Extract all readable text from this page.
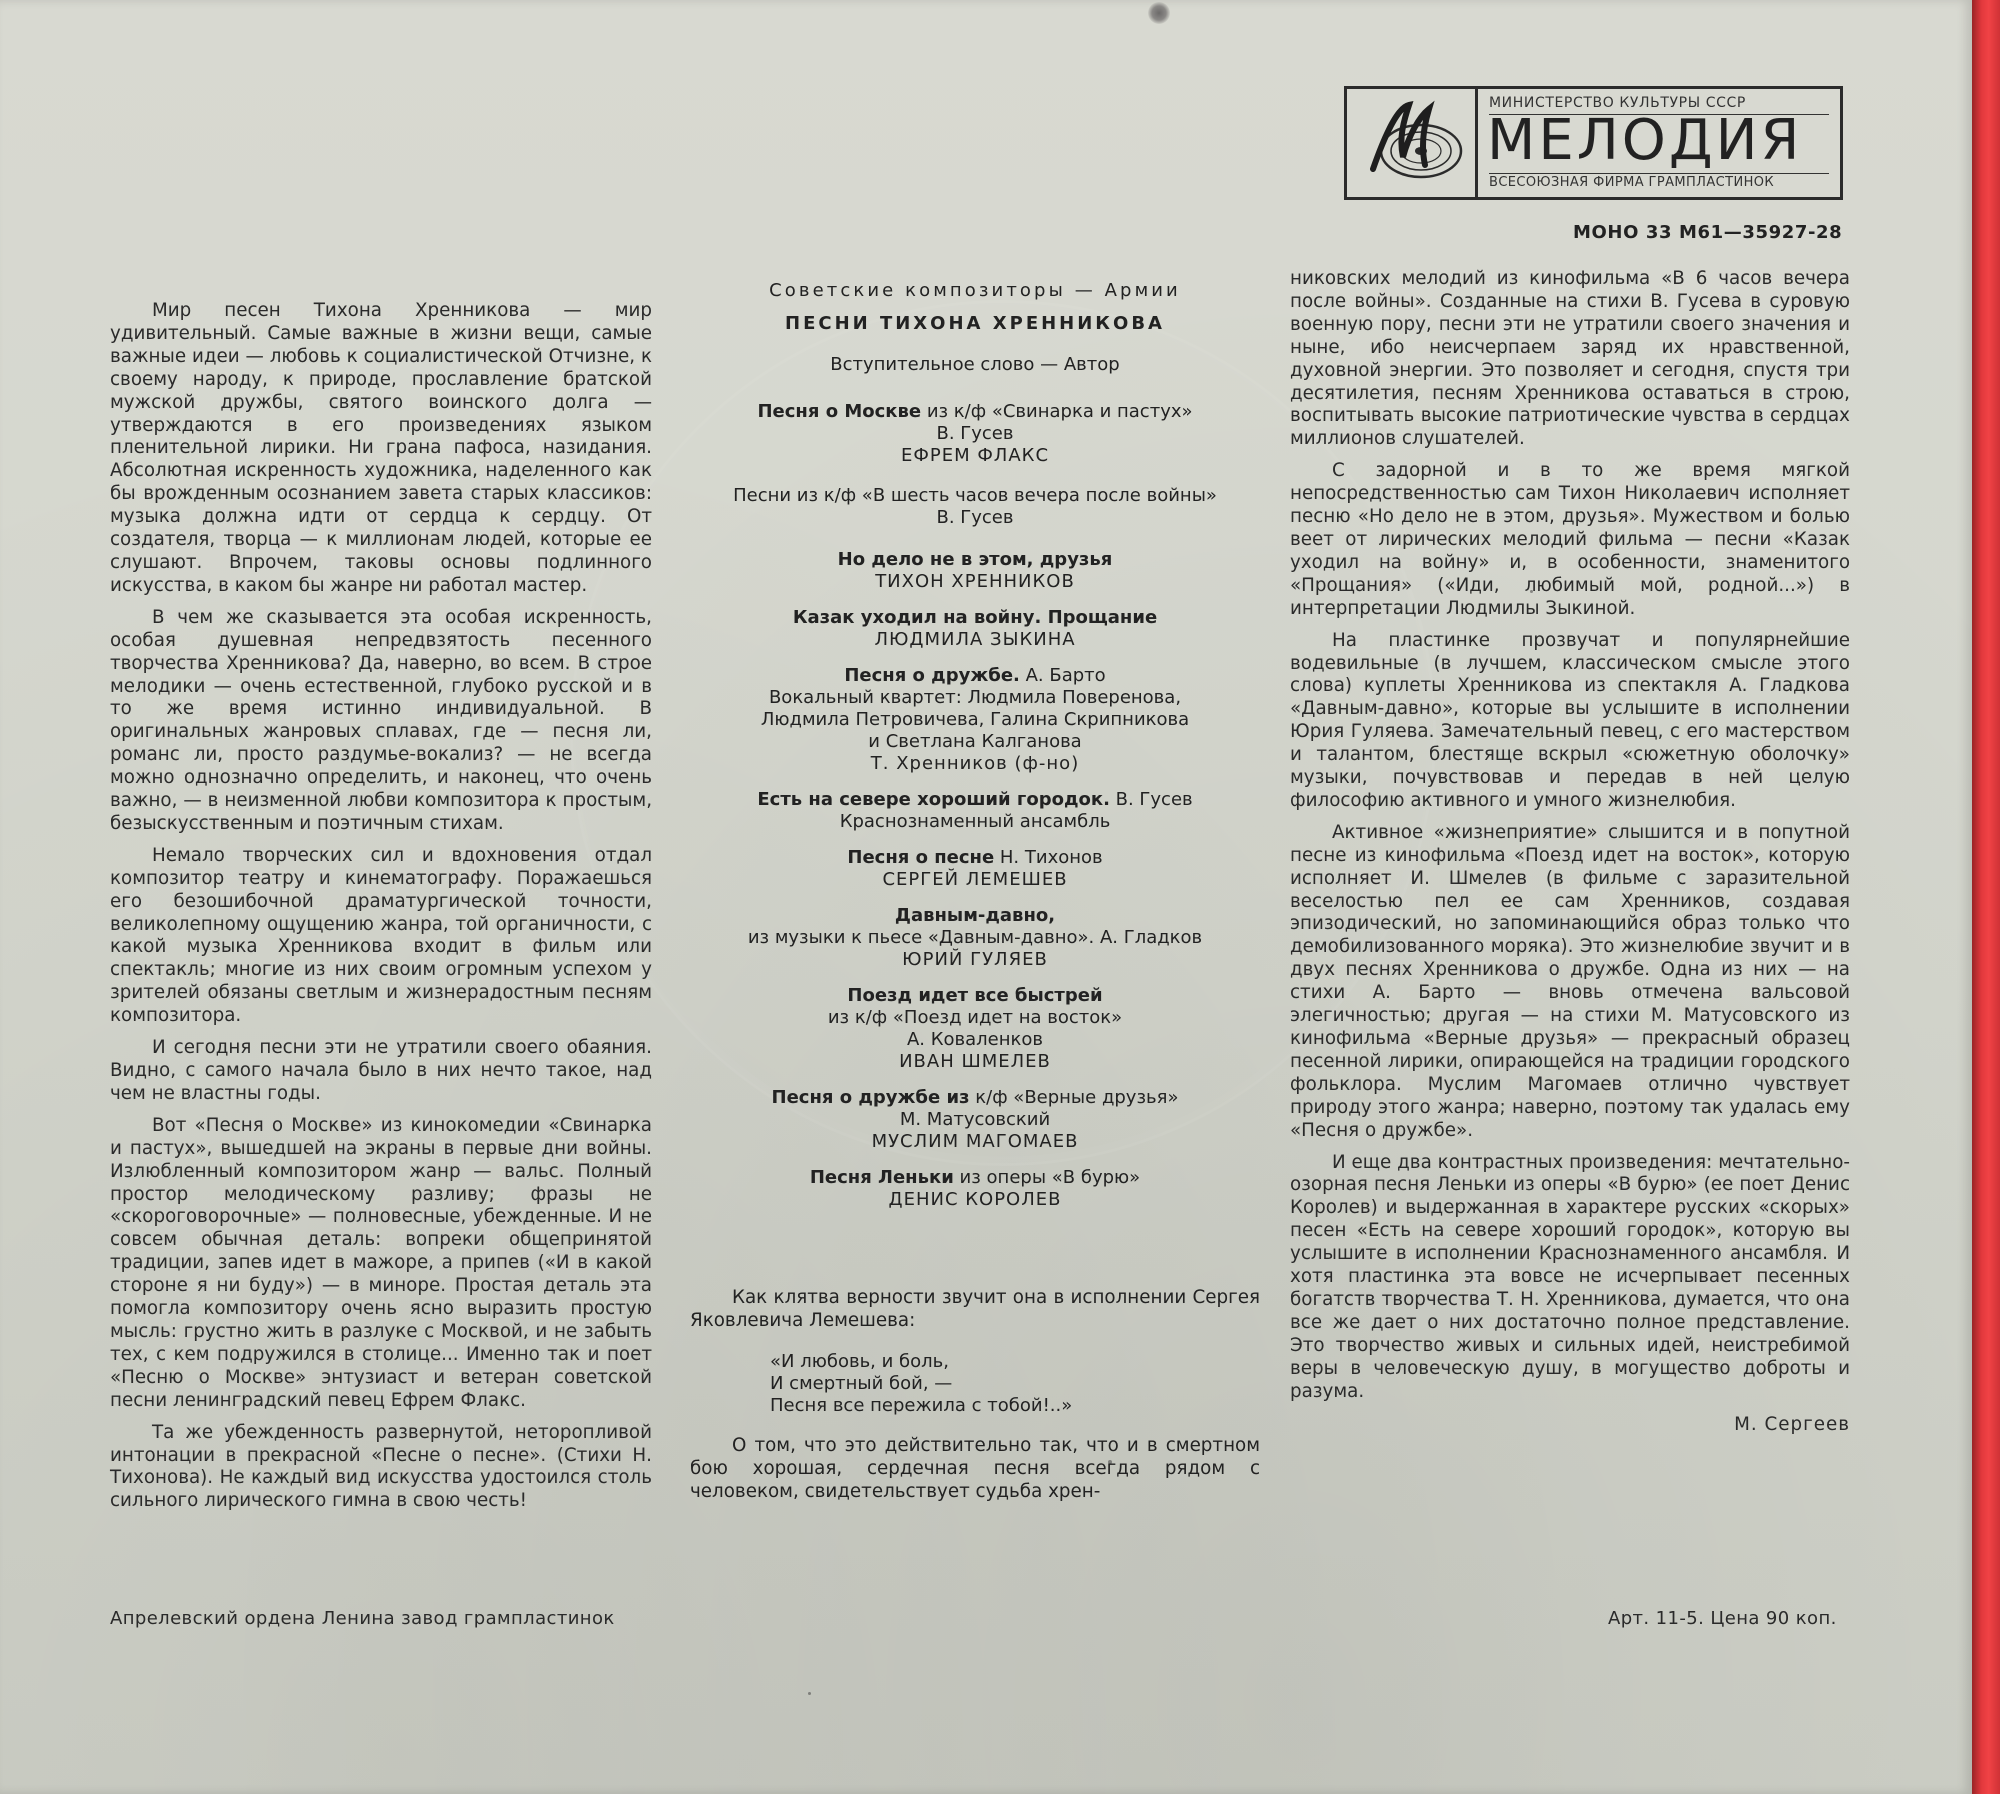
МИНИСТЕРСТВО КУЛЬТУРЫ СССР
МЕЛОДИЯ
ВСЕСОЮЗНАЯ ФИРМА ГРАМПЛАСТИНОК
МОНО 33 М61—35927-28

Мир песен Тихона Хренникова — мир удивительный. Самые важные в жизни вещи, самые важные идеи — любовь к социалистической Отчизне, к своему народу, к природе, прославление братской мужской дружбы, святого воинского долга — утверждаются в его произведениях языком пленительной лирики. Ни грана пафоса, назидания. Абсолютная искренность художника, наделенного как бы врожденным осознанием завета старых классиков: музыка должна идти от сердца к сердцу. От создателя, творца — к миллионам людей, которые ее слушают. Впрочем, таковы основы подлинного искусства, в каком бы жанре ни работал мастер.

В чем же сказывается эта особая искренность, особая душевная непредвзятость песенного творчества Хренникова? Да, наверно, во всем. В строе мелодики — очень естественной, глубоко русской и в то же время истинно индивидуальной. В оригинальных жанровых сплавах, где — песня ли, романс ли, просто раздумье-вокализ? — не всегда можно однозначно определить, и наконец, что очень важно, — в неизменной любви композитора к простым, безыскусственным и поэтичным стихам.

Немало творческих сил и вдохновения отдал композитор театру и кинематографу. Поражаешься его безошибочной драматургической точности, великолепному ощущению жанра, той органичности, с какой музыка Хренникова входит в фильм или спектакль; многие из них своим огромным успехом у зрителей обязаны светлым и жизнерадостным песням композитора.

И сегодня песни эти не утратили своего обаяния. Видно, с самого начала было в них нечто такое, над чем не властны годы.

Вот «Песня о Москве» из кинокомедии «Свинарка и пастух», вышедшей на экраны в первые дни войны. Излюбленный композитором жанр — вальс. Полный простор мелодическому разливу; фразы не «скороговорочные» — полновесные, убежденные. И не совсем обычная деталь: вопреки общепринятой традиции, запев идет в мажоре, а припев («И в какой стороне я ни буду») — в миноре. Простая деталь эта помогла композитору очень ясно выразить простую мысль: грустно жить в разлуке с Москвой, и не забыть тех, с кем подружился в столице... Именно так и поет «Песню о Москве» энтузиаст и ветеран советской песни ленинградский певец Ефрем Флакс.

Та же убежденность развернутой, неторопливой интонации в прекрасной «Песне о песне». (Стихи Н. Тихонова). Не каждый вид искусства удостоился столь сильного лирического гимна в свою честь!

Советские композиторы — Армии

ПЕСНИ ТИХОНА ХРЕННИКОВА

Вступительное слово — Автор

Песня о Москве из к/ф «Свинарка и пастух»
В. Гусев
ЕФРЕМ ФЛАКС
Песни из к/ф «В шесть часов вечера после войны»
В. Гусев
Но дело не в этом, друзья
ТИХОН ХРЕННИКОВ
Казак уходил на войну. Прощание
ЛЮДМИЛА ЗЫКИНА
Песня о дружбе. А. Барто
Вокальный квартет: Людмила Поверенова,
Людмила Петровичева, Галина Скрипникова
и Светлана Калганова
Т. Хренников (ф-но)
Есть на севере хороший городок. В. Гусев
Краснознаменный ансамбль
Песня о песне Н. Тихонов
СЕРГЕЙ ЛЕМЕШЕВ
Давным-давно,
из музыки к пьесе «Давным-давно». А. Гладков
ЮРИЙ ГУЛЯЕВ
Поезд идет все быстрей
из к/ф «Поезд идет на восток»
А. Коваленков
ИВАН ШМЕЛЕВ
Песня о дружбе из к/ф «Верные друзья»
М. Матусовский
МУСЛИМ МАГОМАЕВ
Песня Леньки из оперы «В бурю»
ДЕНИС КОРОЛЕВ

Как клятва верности звучит она в исполнении Сергея Яковлевича Лемешева:

«И любовь, и боль,
И смертный бой, —
Песня все пережила с тобой!..»

О том, что это действительно так, что и в смертном бою хорошая, сердечная песня всегда рядом с человеком, свидетельствует судьба хрен-

никовских мелодий из кинофильма «В 6 часов вечера после войны». Созданные на стихи В. Гусева в суровую военную пору, песни эти не утратили своего значения и ныне, ибо неисчерпаем заряд их нравственной, духовной энергии. Это позволяет и сегодня, спустя три десятилетия, песням Хренникова оставаться в строю, воспитывать высокие патриотические чувства в сердцах миллионов слушателей.

С задорной и в то же время мягкой непосредственностью сам Тихон Николаевич исполняет песню «Но дело не в этом, друзья». Мужеством и болью веет от лирических мелодий фильма — песни «Казак уходил на войну» и, в особенности, знаменитого «Прощания» («Иди, любимый мой, родной...») в интерпретации Людмилы Зыкиной.

На пластинке прозвучат и популярнейшие водевильные (в лучшем, классическом смысле этого слова) куплеты Хренникова из спектакля А. Гладкова «Давным-давно», которые вы услышите в исполнении Юрия Гуляева. Замечательный певец, с его мастерством и талантом, блестяще вскрыл «сюжетную оболочку» музыки, почувствовав и передав в ней целую философию активного и умного жизнелюбия.

Активное «жизнеприятие» слышится и в попутной песне из кинофильма «Поезд идет на восток», которую исполняет И. Шмелев (в фильме с заразительной веселостью пел ее сам Хренников, создавая эпизодический, но запоминающийся образ только что демобилизованного моряка). Это жизнелюбие звучит и в двух песнях Хренникова о дружбе. Одна из них — на стихи А. Барто — вновь отмечена вальсовой элегичностью; другая — на стихи М. Матусовского из кинофильма «Верные друзья» — прекрасный образец песенной лирики, опирающейся на традиции городского фольклора. Муслим Магомаев отлично чувствует природу этого жанра; наверно, поэтому так удалась ему «Песня о дружбе».

И еще два контрастных произведения: мечтательно-озорная песня Леньки из оперы «В бурю» (ее поет Денис Королев) и выдержанная в характере русских «скорых» песен «Есть на севере хороший городок», которую вы услышите в исполнении Краснознаменного ансамбля. И хотя пластинка эта вовсе не исчерпывает песенных богатств творчества Т. Н. Хренникова, думается, что она все же дает о них достаточно полное представление. Это творчество живых и сильных идей, неистребимой веры в человеческую душу, в могущество доброты и разума.

М. Сергеев

Апрелевский ордена Ленина завод грампластинок	Арт. 11-5. Цена 90 коп.
